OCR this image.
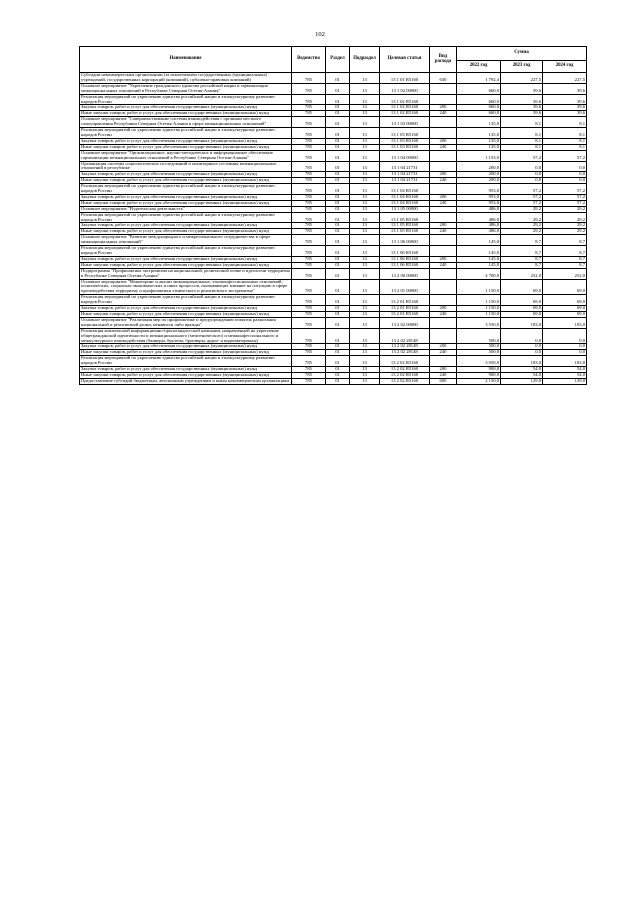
102
Наименование	Ведомство	Раздел	Подраздел	Целевая статья	Вид расхода	Сумма		
						2022 год	2023 год	2024 год
Субсидии некоммерческим организациям (за исключением государственных (муниципальных) учреждений, государственных корпораций (компаний), публично-правовых компаний)	785	01	13	13 1 01 R5160	630	1 792,4	227,5	227,5
Основное мероприятие "Укрепление гражданского единства российской нации и гармонизация межнациональных отношений в Республике Северная Осетия-Алания"	785	01	13	13 1 02 00000		660,0	39,6	39,6
Реализация мероприятий по укреплению единства российской нации и этнокультурному развитию народов России	785	01	13	13 1 02 R5160		660,0	39,6	39,6
Закупка товаров, работ и услуг для обеспечения государственных (муниципальных) нужд	785	01	13	13 1 02 R5160	200	660,0	39,6	39,6
Иные закупки товаров, работ и услуг для обеспечения государственных (муниципальных) нужд	785	01	13	13 1 02 R5160	240	660,0	39,6	39,6
Основное мероприятие "Совершенствование системы взаимодействия с органами местного самоуправления Республики Северная Осетия-Алания в сфере межнациональных отношений"	785	01	13	13 1 03 00000		135,0	8,1	8,1
Реализация мероприятий по укреплению единства российской нации и этнокультурному развитию народов России	785	01	13	13 1 03 R5160		135,0	8,1	8,1
Закупка товаров, работ и услуг для обеспечения государственных (муниципальных) нужд	785	01	13	13 1 03 R5160	200	135,0	8,1	8,1
Иные закупки товаров, работ и услуг для обеспечения государственных (муниципальных) нужд	785	01	13	13 1 03 R5160	240	135,0	8,1	8,1
Основное мероприятие "Организационное, научно-методическое и информационное обеспечение гармонизации межнациональных отношений в Республике Северная Осетия-Алания"	785	01	13	13 1 04 00000		1 153,0	57,2	57,2
Организация системы социологических исследований и мониторинга состояния межнациональных отношений в республике	785	01	13	13 1 04 21731		200,0	0,0	0,0
Закупка товаров, работ и услуг для обеспечения государственных (муниципальных) нужд	785	01	13	13 1 04 21731	200	200,0	0,0	0,0
Иные закупки товаров, работ и услуг для обеспечения государственных (муниципальных) нужд	785	01	13	13 1 04 21731	240	200,0	0,0	0,0
Реализация мероприятий по укреплению единства российской нации и этнокультурному развитию народов России	785	01	13	13 1 04 R5160		953,0	57,2	57,2
Закупка товаров, работ и услуг для обеспечения государственных (муниципальных) нужд	785	01	13	13 1 04 R5160	200	953,0	57,2	57,2
Иные закупки товаров, работ и услуг для обеспечения государственных (муниципальных) нужд	785	01	13	13 1 04 R5160	240	953,0	57,2	57,2
Основное мероприятие "Издательская деятельность"	785	01	13	13 1 05 00000		486,0	29,2	29,2
Реализация мероприятий по укреплению единства российской нации и этнокультурному развитию народов России	785	01	13	13 1 05 R5160		486,0	29,2	29,2
Закупка товаров, работ и услуг для обеспечения государственных (муниципальных) нужд	785	01	13	13 1 05 R5160	200	486,0	29,2	29,2
Иные закупки товаров, работ и услуг для обеспечения государственных (муниципальных) нужд	785	01	13	13 1 05 R5160	240	486,0	29,2	29,2
Основное мероприятие "Развитие международного и межрегионального сотрудничества в сфере межнациональных отношений"	785	01	13	13 1 06 00000		145,0	8,7	8,7
Реализация мероприятий по укреплению единства российской нации и этнокультурному развитию народов России	785	01	13	13 1 06 R5160		145,0	8,7	8,7
Закупка товаров, работ и услуг для обеспечения государственных (муниципальных) нужд	785	01	13	13 1 06 R5160	200	145,0	8,7	8,7
Иные закупки товаров, работ и услуг для обеспечения государственных (муниципальных) нужд	785	01	13	13 1 06 R5160	240	145,0	8,7	8,7
Подпрограмма "Профилактика экстремизма на национальной, религиозной почве и идеологии терроризма в Республике Северная Осетия-Алания"	785	01	13	13 2 00 00000		4 700,0	252,0	252,0
Основное мероприятие "Мониторинг и анализ межнациональных, этноконфессиональных отношений, политических, социально-экономических и иных процессов, оказывающих влияние на ситуацию в сфере противодействия терроризму и профилактики этнического и религиозного экстремизма"	785	01	13	13 2 01 00000		1 150,0	69,0	69,0
Реализация мероприятий по укреплению единства российской нации и этнокультурному развитию народов России	785	01	13	13 2 01 R5160		1 150,0	69,0	69,0
Закупка товаров, работ и услуг для обеспечения государственных (муниципальных) нужд	785	01	13	13 2 01 R5160	200	1 150,0	69,0	69,0
Иные закупки товаров, работ и услуг для обеспечения государственных (муниципальных) нужд	785	01	13	13 2 01 R5160	240	1 150,0	69,0	69,0
Основное мероприятие "Реализация мер по профилактике и предупреждению попыток разжигания национальной и религиозной розни, ненависти либо вражды"	785	01	13	13 2 02 00000		3 550,0	183,0	183,0
Реализация комплексной информационно-пропагандистской кампании, направленной на укрепление общегражданской идентичности и межнационального (межэтнического) и межконфессионального и межкультурного взаимодействия (баннеры, буклеты, брошюры, аудио- и видеоматериалы)	785	01	13	13 2 02 28148		500,0	0,0	0,0
Закупка товаров, работ и услуг для обеспечения государственных (муниципальных) нужд	785	01	13	13 2 02 28148	200	500,0	0,0	0,0
Иные закупки товаров, работ и услуг для обеспечения государственных (муниципальных) нужд	785	01	13	13 2 02 28148	240	500,0	0,0	0,0
Реализация мероприятий по укреплению единства российской нации и этнокультурному развитию народов России	785	01	13	13 2 02 R5160		3 050,0	183,0	183,0
Закупка товаров, работ и услуг для обеспечения государственных (муниципальных) нужд	785	01	13	13 2 02 R5160	200	900,0	54,0	54,0
Иные закупки товаров, работ и услуг для обеспечения государственных (муниципальных) нужд	785	01	13	13 2 02 R5160	240	900,0	54,0	54,0
Предоставление субсидий бюджетным, автономным учреждениям и иным некоммерческим организациям	785	01	13	13 2 02 R5160	600	2 150,0	129,0	129,0
